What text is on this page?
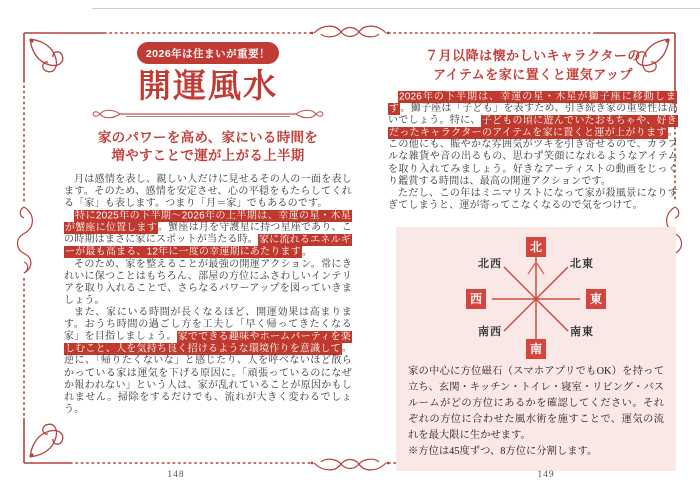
2026年は住まいが重要！
開運風水
家のパワーを高め、家にいる時間を
増やすことで運が上がる上半期

月は感情を表し、親しい人だけに見せるその人の一面を表します。そのため、感情を安定させ、心の平穏をもたらしてくれる「家」も表します。つまり「月＝家」でもあるのです。

特に2025年の下半期～2026年の上半期は、幸運の星・木星が蟹座に位置します。蟹座は月を守護星に持つ星座であり、この時期はまさに家にスポットが当たる時。家に流れるエネルギーが最も高まる、12年に一度の幸運期にあたります。

そのため、家を整えることが最強の開運アクション。常にきれいに保つことはもちろん、部屋の方位にふさわしいインテリアを取り入れることで、さらなるパワーアップを図っていきましょう。

また、家にいる時間が長くなるほど、開運効果は高まります。おうち時間の過ごし方を工夫し「早く帰ってきたくなる家」を目指しましょう。家でできる趣味やホームパーティを楽しむこと、人を気持ち良く招けるような環境作りを意識して。逆に、「帰りたくないな」と感じたり、人を呼べないほど散らかっている家は運気を下げる原因に。「頑張っているのになぜか報われない」という人は、家が乱れていることが原因かもしれません。掃除をするだけでも、流れが大きく変わるでしょう。

７月以降は懐かしいキャラクターの
アイテムを家に置くと運気アップ

2026年の下半期は、幸運の星・木星が獅子座に移動します。獅子座は「子ども」を表すため、引き続き家の重要性は高いでしょう。特に、子どもの頃に遊んでいたおもちゃや、好きだったキャラクターのアイテムを家に置くと運が上がります。この他にも、賑やかな雰囲気がツキを引き寄せるので、カラフルな雑貨や音の出るもの、思わず笑顔になれるようなアイテムを取り入れてみましょう。好きなアーティストの動画をじっくり鑑賞する時間は、最高の開運アクションです。

ただし、この年はミニマリストになって家が殺風景になりすぎてしまうと、運が寄ってこなくなるので気をつけて。

北
南
西	東
北西	北東
南西	南東

家の中心に方位磁石（スマホアプリでもOK）を持って立ち、玄関・キッチン・トイレ・寝室・リビング・バスルームがどの方位にあるかを確認してください。それぞれの方位に合わせた風水術を施すことで、運気の流れを最大限に生かせます。

※方位は45度ずつ、8方位に分割します。

148	149
